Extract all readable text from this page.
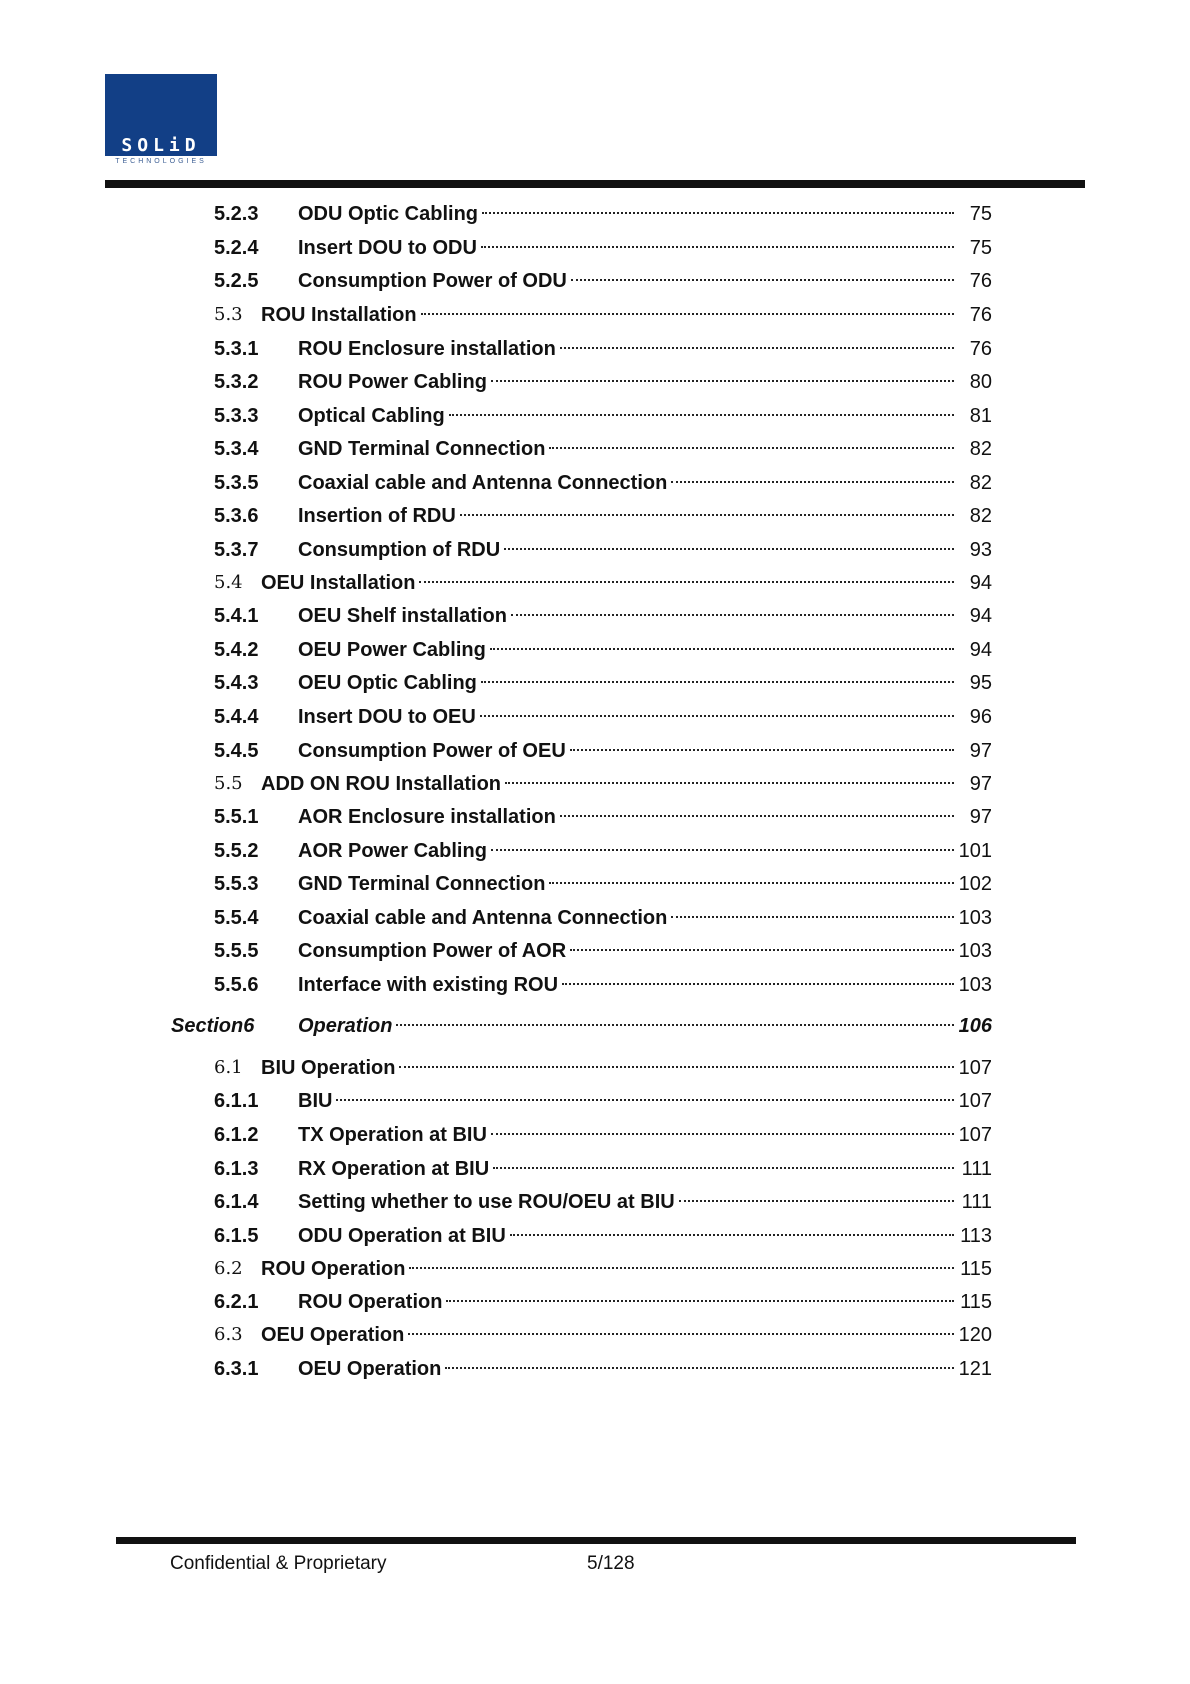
SOLiD
TECHNOLOGIES
5.2.3 ODU Optic Cabling	75
5.2.4 Insert DOU to ODU	75
5.2.5 Consumption Power of ODU	76
5.3 ROU Installation	76
5.3.1 ROU Enclosure installation	76
5.3.2 ROU Power Cabling	80
5.3.3 Optical Cabling	81
5.3.4 GND Terminal Connection	82
5.3.5 Coaxial cable and Antenna Connection	82
5.3.6 Insertion of RDU	82
5.3.7 Consumption of RDU	93
5.4 OEU Installation	94
5.4.1 OEU Shelf installation	94
5.4.2 OEU Power Cabling	94
5.4.3 OEU Optic Cabling	95
5.4.4 Insert DOU to OEU	96
5.4.5 Consumption Power of OEU	97
5.5 ADD ON ROU Installation	97
5.5.1 AOR Enclosure installation	97
5.5.2 AOR Power Cabling	101
5.5.3 GND Terminal Connection	102
5.5.4 Coaxial cable and Antenna Connection	103
5.5.5 Consumption Power of AOR	103
5.5.6 Interface with existing ROU	103
Section6 Operation	106
6.1 BIU Operation	107
6.1.1 BIU	107
6.1.2 TX Operation at BIU	107
6.1.3 RX Operation at BIU	111
6.1.4 Setting whether to use ROU/OEU at BIU	111
6.1.5 ODU Operation at BIU	113
6.2 ROU Operation	115
6.2.1 ROU Operation	115
6.3 OEU Operation	120
6.3.1 OEU Operation	121
Confidential & Proprietary	5/128
